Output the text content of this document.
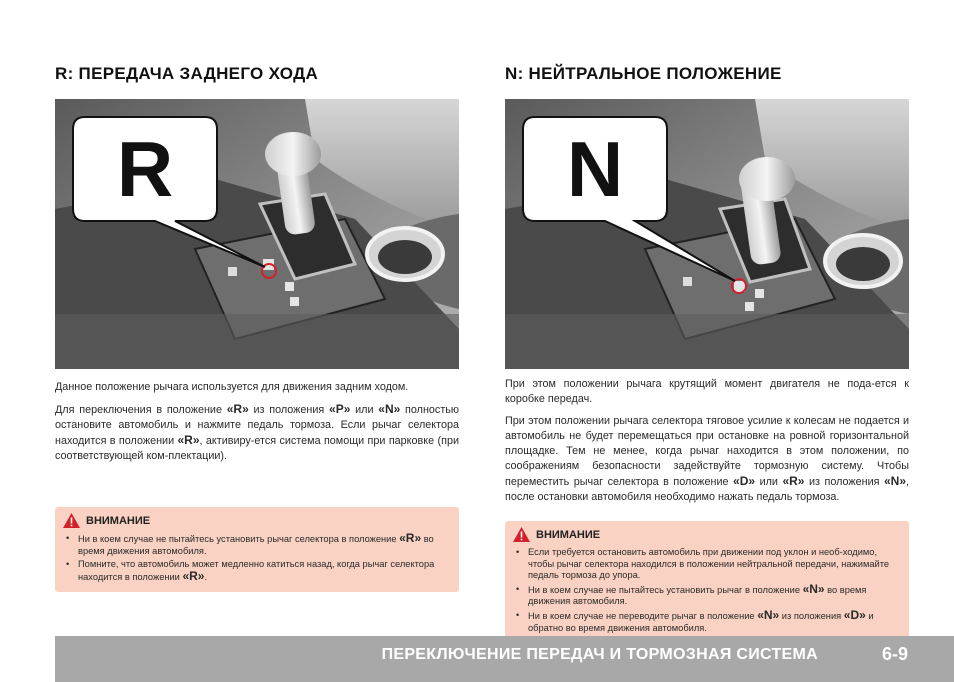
R: ПЕРЕДАЧА ЗАДНЕГО ХОДА
R

Данное положение рычага используется для движения задним ходом.

Для переключения в положение «R» из положения «P» или «N» полностью остановите автомобиль и нажмите педаль тормоза. Если рычаг селектора находится в положении «R», активиру-ется система помощи при парковке (при соответствующей ком-плектации).

ВНИМАНИЕ
• Ни в коем случае не пытайтесь установить рычаг селектора в положение «R» во время движения автомобиля.
• Помните, что автомобиль может медленно катиться назад, когда рычаг селектора находится в положении «R».
N: НЕЙТРАЛЬНОЕ ПОЛОЖЕНИЕ
N

При этом положении рычага крутящий момент двигателя не пода-ется к коробке передач.

При этом положении рычага селектора тяговое усилие к колесам не подается и автомобиль не будет перемещаться при остановке на ровной горизонтальной площадке. Тем не менее, когда рычаг находится в этом положении, по соображениям безопасности задействуйте тормозную систему. Чтобы переместить рычаг селектора в положение «D» или «R» из положения «N», после остановки автомобиля необходимо нажать педаль тормоза.

ВНИМАНИЕ
• Если требуется остановить автомобиль при движении под уклон и необ-ходимо, чтобы рычаг селектора находился в положении нейтральной передачи, нажимайте педаль тормоза до упора.
• Ни в коем случае не пытайтесь установить рычаг в положение «N» во время движения автомобиля.
• Ни в коем случае не переводите рычаг в положение «N» из положения «D» и обратно во время движения автомобиля.
ПЕРЕКЛЮЧЕНИЕ ПЕРЕДАЧ И ТОРМОЗНАЯ СИСТЕМА	6-9
